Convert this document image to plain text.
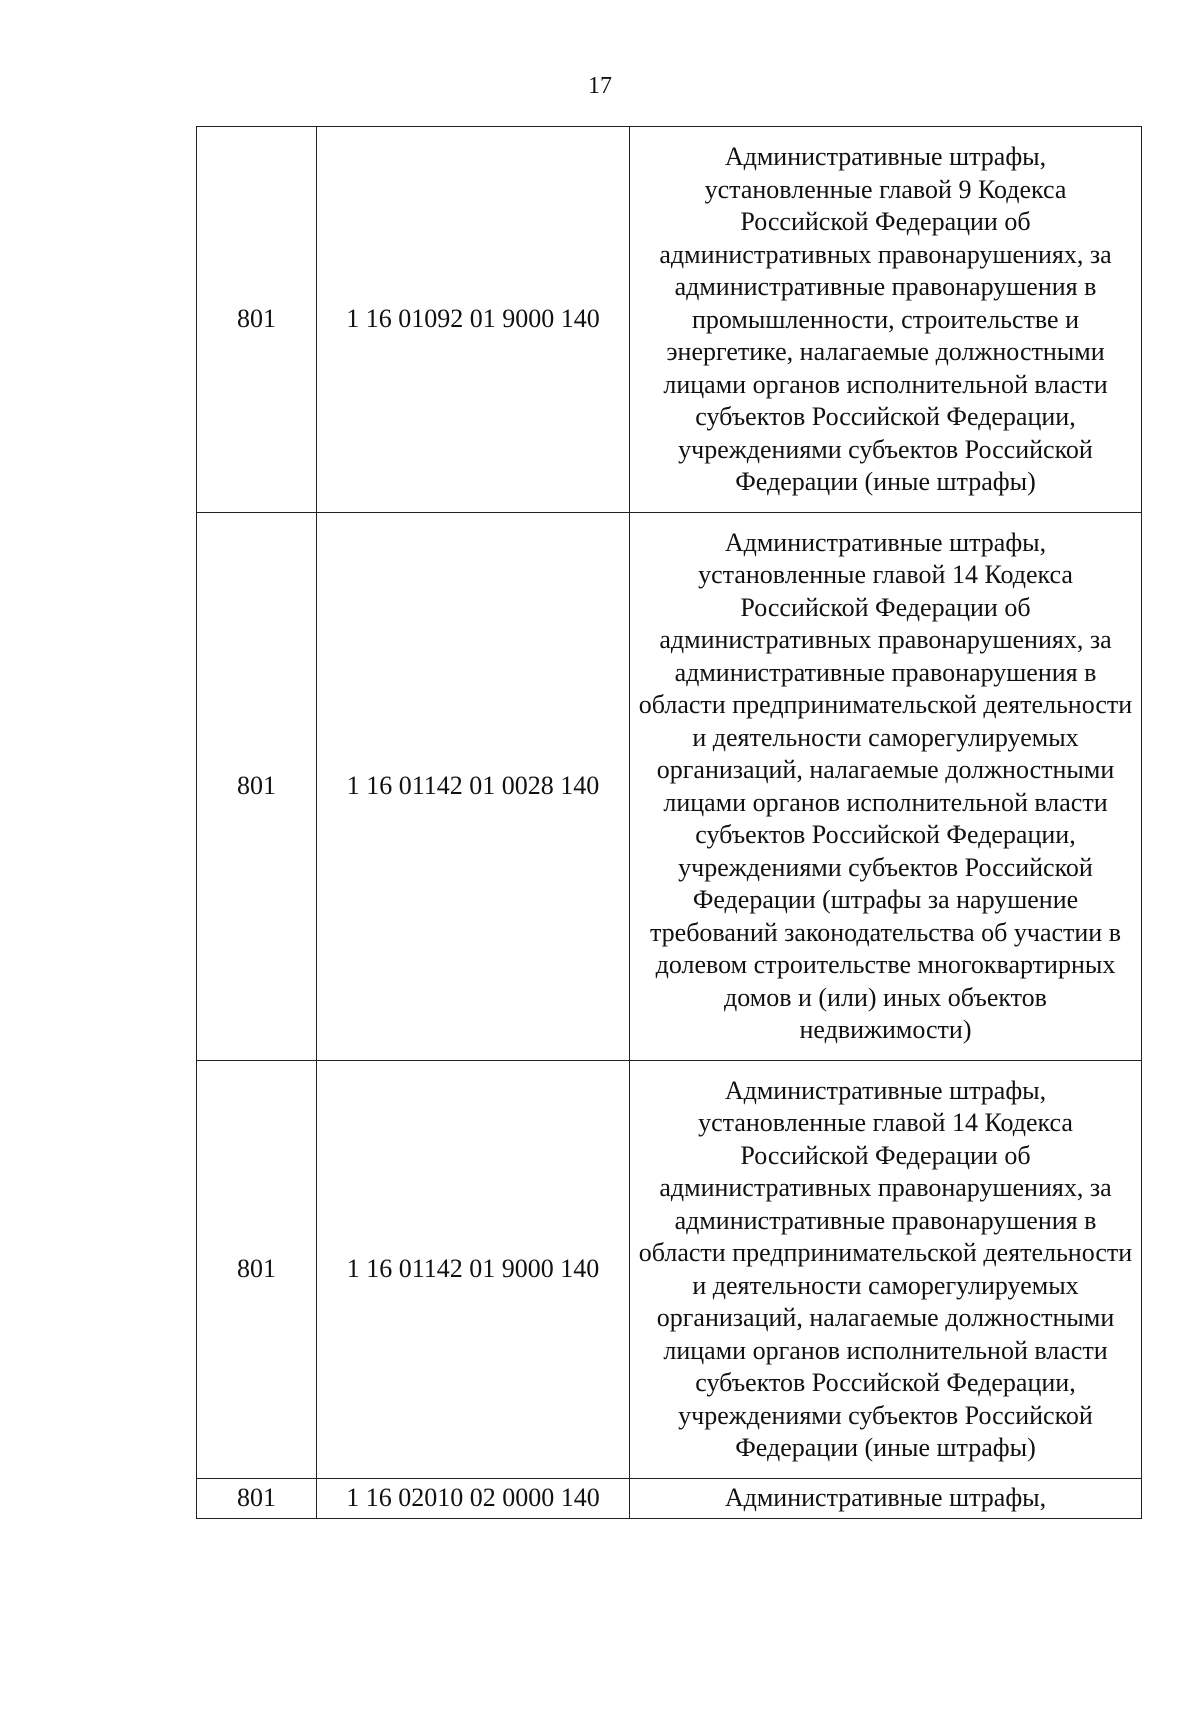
17
801	1 16 01092 01 9000 140	Административные штрафы, установленные главой 9 Кодекса Российской Федерации об административных правонарушениях, за административные правонарушения в промышленности, строительстве и энергетике, налагаемые должностными лицами органов исполнительной власти субъектов Российской Федерации, учреждениями субъектов Российской Федерации (иные штрафы)
801	1 16 01142 01 0028 140	Административные штрафы, установленные главой 14 Кодекса Российской Федерации об административных правонарушениях, за административные правонарушения в области предпринимательской деятельности и деятельности саморегулируемых организаций, налагаемые должностными лицами органов исполнительной власти субъектов Российской Федерации, учреждениями субъектов Российской Федерации (штрафы за нарушение требований законодательства об участии в долевом строительстве многоквартирных домов и (или) иных объектов недвижимости)
801	1 16 01142 01 9000 140	Административные штрафы, установленные главой 14 Кодекса Российской Федерации об административных правонарушениях, за административные правонарушения в области предпринимательской деятельности и деятельности саморегулируемых организаций, налагаемые должностными лицами органов исполнительной власти субъектов Российской Федерации, учреждениями субъектов Российской Федерации (иные штрафы)
801	1 16 02010 02 0000 140	Административные штрафы,
